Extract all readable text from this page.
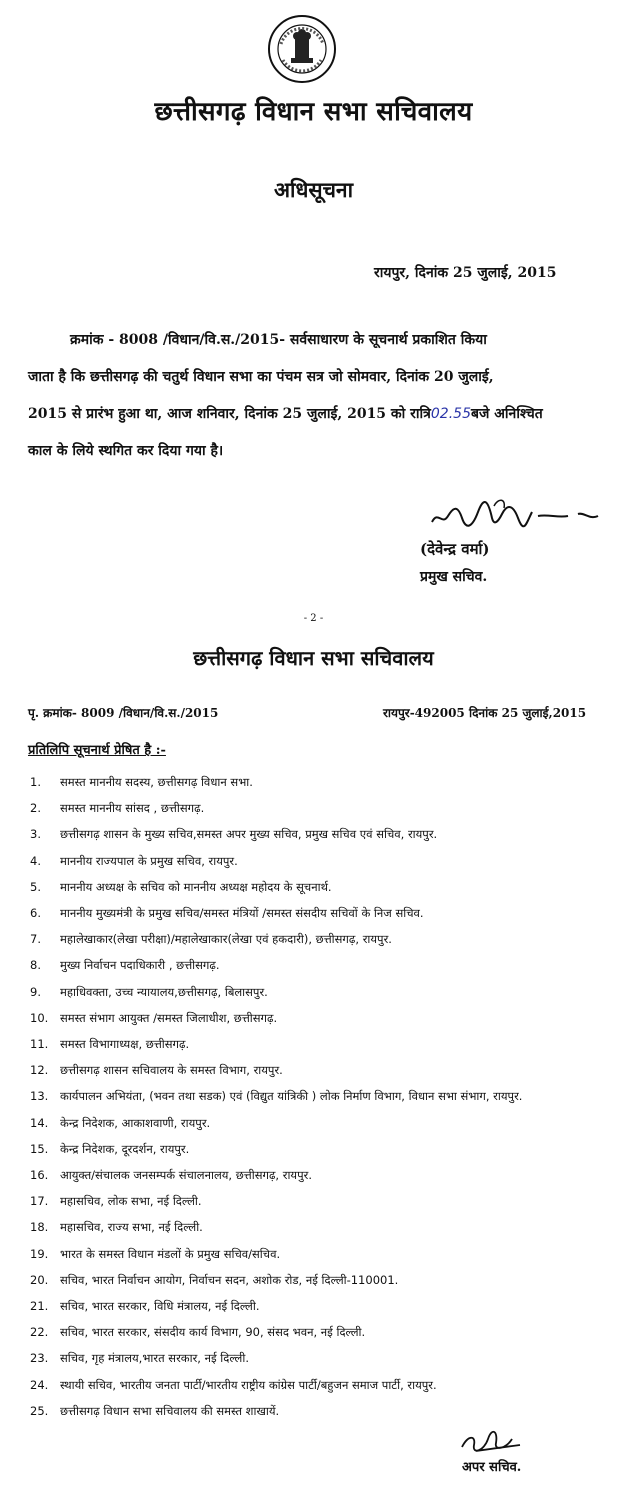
छत्तीसगढ़ विधान सभा सचिवालय
अधिसूचना
रायपुर, दिनांक 25 जुलाई, 2015
क्रमांक - 8008 /विधान/वि.स./2015- सर्वसाधारण के सूचनार्थ प्रकाशित किया
जाता है कि छत्तीसगढ़ की चतुर्थ विधान सभा का पंचम सत्र जो सोमवार, दिनांक 20 जुलाई,
2015 से प्रारंभ हुआ था, आज शनिवार, दिनांक 25 जुलाई, 2015 को रात्रि02.55बजे अनिश्चित
काल के लिये स्थगित कर दिया गया है।
(देवेन्द्र वर्मा)
प्रमुख सचिव.
- 2 -
छत्तीसगढ़ विधान सभा सचिवालय
पृ. क्रमांक- 8009 /विधान/वि.स./2015	रायपुर-492005 दिनांक 25 जुलाई,2015
प्रतिलिपि सूचनार्थ प्रेषित है :-
1. समस्त माननीय सदस्य, छत्तीसगढ़ विधान सभा.
2. समस्त माननीय सांसद , छत्तीसगढ़.
3. छत्तीसगढ़ शासन के मुख्य सचिव,समस्त अपर मुख्य सचिव, प्रमुख सचिव एवं सचिव, रायपुर.
4. माननीय राज्यपाल के प्रमुख सचिव, रायपुर.
5. माननीय अध्यक्ष के सचिव को माननीय अध्यक्ष महोदय के सूचनार्थ.
6. माननीय मुख्यमंत्री के प्रमुख सचिव/समस्त मंत्रियों /समस्त संसदीय सचिवों के निज सचिव.
7. महालेखाकार(लेखा परीक्षा)/महालेखाकार(लेखा एवं हकदारी), छत्तीसगढ़, रायपुर.
8. मुख्य निर्वाचन पदाधिकारी , छत्तीसगढ़.
9. महाधिवक्ता, उच्च न्यायालय,छत्तीसगढ़, बिलासपुर.
10. समस्त संभाग आयुक्त /समस्त जिलाधीश, छत्तीसगढ़.
11. समस्त विभागाध्यक्ष, छत्तीसगढ़.
12. छत्तीसगढ़ शासन सचिवालय के समस्त विभाग, रायपुर.
13. कार्यपालन अभियंता, (भवन तथा सडक) एवं (विद्युत यांत्रिकी ) लोक निर्माण विभाग, विधान सभा संभाग, रायपुर.
14. केन्द्र निदेशक, आकाशवाणी, रायपुर.
15. केन्द्र निदेशक, दूरदर्शन, रायपुर.
16. आयुक्त/संचालक जनसम्पर्क संचालनालय, छत्तीसगढ़, रायपुर.
17. महासचिव, लोक सभा, नई दिल्ली.
18. महासचिव, राज्य सभा, नई दिल्ली.
19. भारत के समस्त विधान मंडलों के प्रमुख सचिव/सचिव.
20. सचिव, भारत निर्वाचन आयोग, निर्वाचन सदन, अशोक रोड, नई दिल्ली-110001.
21. सचिव, भारत सरकार, विधि मंत्रालय, नई दिल्ली.
22. सचिव, भारत सरकार, संसदीय कार्य विभाग, 90, संसद भवन, नई दिल्ली.
23. सचिव, गृह मंत्रालय,भारत सरकार, नई दिल्ली.
24. स्थायी सचिव, भारतीय जनता पार्टी/भारतीय राष्ट्रीय कांग्रेस पार्टी/बहुजन समाज पार्टी, रायपुर.
25. छत्तीसगढ़ विधान सभा सचिवालय की समस्त शाखायें.
अपर सचिव.
